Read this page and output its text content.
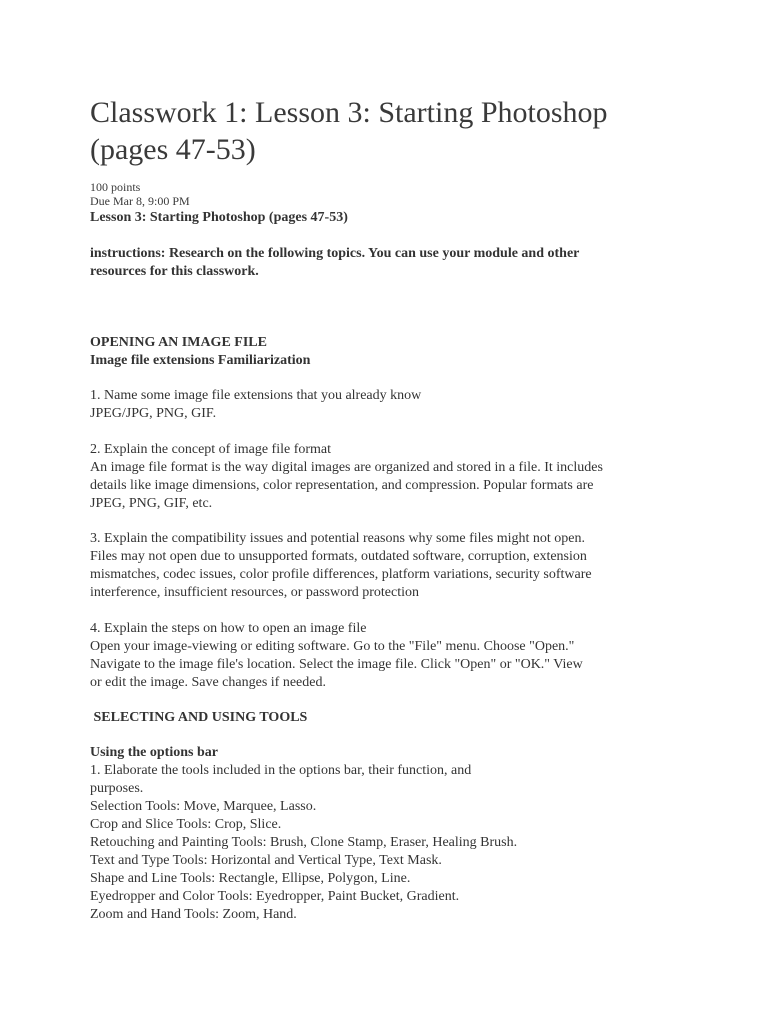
Classwork 1: Lesson 3: Starting Photoshop
(pages 47-53)
100 points
Due Mar 8, 9:00 PM
Lesson 3: Starting Photoshop (pages 47-53)
instructions: Research on the following topics. You can use your module and other
resources for this classwork.
OPENING AN IMAGE FILE
Image file extensions Familiarization
1. Name some image file extensions that you already know
JPEG/JPG, PNG, GIF.
2. Explain the concept of image file format
An image file format is the way digital images are organized and stored in a file. It includes
details like image dimensions, color representation, and compression. Popular formats are
JPEG, PNG, GIF, etc.
3. Explain the compatibility issues and potential reasons why some files might not open.
Files may not open due to unsupported formats, outdated software, corruption, extension
mismatches, codec issues, color profile differences, platform variations, security software
interference, insufficient resources, or password protection
4. Explain the steps on how to open an image file
Open your image-viewing or editing software. Go to the "File" menu. Choose "Open."
Navigate to the image file's location. Select the image file. Click "Open" or "OK." View
or edit the image. Save changes if needed.
SELECTING AND USING TOOLS
Using the options bar
1. Elaborate the tools included in the options bar, their function, and
purposes.
Selection Tools: Move, Marquee, Lasso.
Crop and Slice Tools: Crop, Slice.
Retouching and Painting Tools: Brush, Clone Stamp, Eraser, Healing Brush.
Text and Type Tools: Horizontal and Vertical Type, Text Mask.
Shape and Line Tools: Rectangle, Ellipse, Polygon, Line.
Eyedropper and Color Tools: Eyedropper, Paint Bucket, Gradient.
Zoom and Hand Tools: Zoom, Hand.
